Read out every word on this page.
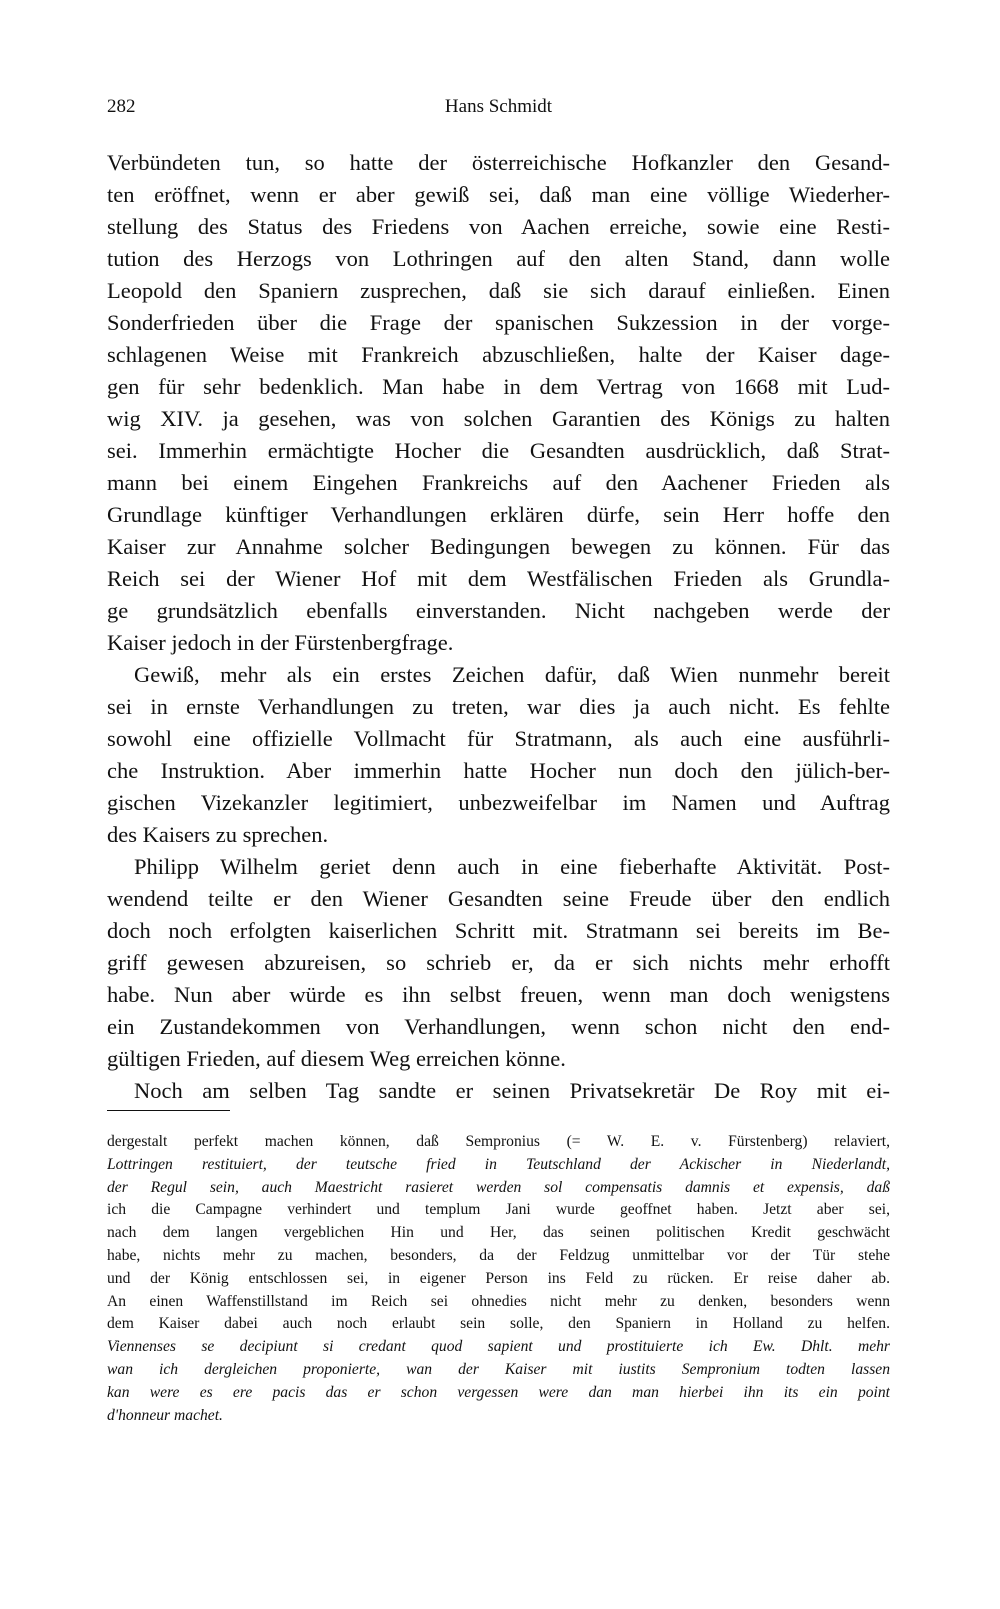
282	Hans Schmidt
Verbündeten tun, so hatte der österreichische Hofkanzler den Gesand-
ten eröffnet, wenn er aber gewiß sei, daß man eine völlige Wiederher-
stellung des Status des Friedens von Aachen erreiche, sowie eine Resti-
tution des Herzogs von Lothringen auf den alten Stand, dann wolle
Leopold den Spaniern zusprechen, daß sie sich darauf einließen. Einen
Sonderfrieden über die Frage der spanischen Sukzession in der vorge-
schlagenen Weise mit Frankreich abzuschließen, halte der Kaiser dage-
gen für sehr bedenklich. Man habe in dem Vertrag von 1668 mit Lud-
wig XIV. ja gesehen, was von solchen Garantien des Königs zu halten
sei. Immerhin ermächtigte Hocher die Gesandten ausdrücklich, daß Strat-
mann bei einem Eingehen Frankreichs auf den Aachener Frieden als
Grundlage künftiger Verhandlungen erklären dürfe, sein Herr hoffe den
Kaiser zur Annahme solcher Bedingungen bewegen zu können. Für das
Reich sei der Wiener Hof mit dem Westfälischen Frieden als Grundla-
ge grundsätzlich ebenfalls einverstanden. Nicht nachgeben werde der
Kaiser jedoch in der Fürstenbergfrage.
Gewiß, mehr als ein erstes Zeichen dafür, daß Wien nunmehr bereit
sei in ernste Verhandlungen zu treten, war dies ja auch nicht. Es fehlte
sowohl eine offizielle Vollmacht für Stratmann, als auch eine ausführli-
che Instruktion. Aber immerhin hatte Hocher nun doch den jülich-ber-
gischen Vizekanzler legitimiert, unbezweifelbar im Namen und Auftrag
des Kaisers zu sprechen.
Philipp Wilhelm geriet denn auch in eine fieberhafte Aktivität. Post-
wendend teilte er den Wiener Gesandten seine Freude über den endlich
doch noch erfolgten kaiserlichen Schritt mit. Stratmann sei bereits im Be-
griff gewesen abzureisen, so schrieb er, da er sich nichts mehr erhofft
habe. Nun aber würde es ihn selbst freuen, wenn man doch wenigstens
ein Zustandekommen von Verhandlungen, wenn schon nicht den end-
gültigen Frieden, auf diesem Weg erreichen könne.
Noch am selben Tag sandte er seinen Privatsekretär De Roy mit ei-
dergestalt perfekt machen können, daß Sempronius (= W. E. v. Fürstenberg) relaviert,
Lottringen restituiert, der teutsche fried in Teutschland der Ackischer in Niederlandt,
der Regul sein, auch Maestricht rasieret werden sol compensatis damnis et expensis, daß
ich die Campagne verhindert und templum Jani wurde geoffnet haben. Jetzt aber sei,
nach dem langen vergeblichen Hin und Her, das seinen politischen Kredit geschwächt
habe, nichts mehr zu machen, besonders, da der Feldzug unmittelbar vor der Tür stehe
und der König entschlossen sei, in eigener Person ins Feld zu rücken. Er reise daher ab.
An einen Waffenstillstand im Reich sei ohnedies nicht mehr zu denken, besonders wenn
dem Kaiser dabei auch noch erlaubt sein solle, den Spaniern in Holland zu helfen.
Viennenses se decipiunt si credant quod sapient und prostituierte ich Ew. Dhlt. mehr
wan ich dergleichen proponierte, wan der Kaiser mit iustits Sempronium todten lassen
kan were es ere pacis das er schon vergessen were dan man hierbei ihn its ein point
d'honneur machet.
